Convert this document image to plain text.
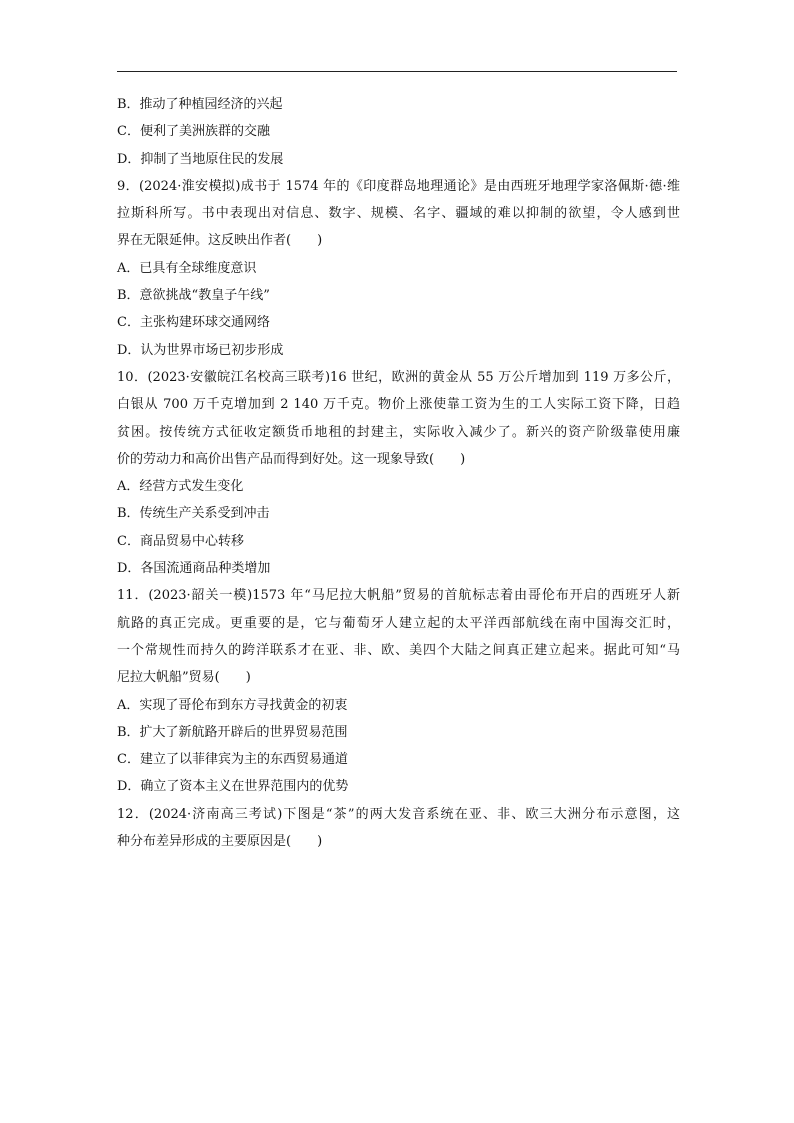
B．推动了种植园经济的兴起
C．便利了美洲族群的交融
D．抑制了当地原住民的发展
9．(2024·淮安模拟)成书于 1574 年的《印度群岛地理通论》是由西班牙地理学家洛佩斯·德·维
拉斯科所写。书中表现出对信息、数字、规模、名字、疆域的难以抑制的欲望，令人感到世
界在无限延伸。这反映出作者(　　)
A．已具有全球维度意识
B．意欲挑战“教皇子午线”
C．主张构建环球交通网络
D．认为世界市场已初步形成
10．(2023·安徽皖江名校高三联考)16 世纪，欧洲的黄金从 55 万公斤增加到 119 万多公斤，
白银从 700 万千克增加到 2 140 万千克。物价上涨使靠工资为生的工人实际工资下降，日趋
贫困。按传统方式征收定额货币地租的封建主，实际收入减少了。新兴的资产阶级靠使用廉
价的劳动力和高价出售产品而得到好处。这一现象导致(　　)
A．经营方式发生变化
B．传统生产关系受到冲击
C．商品贸易中心转移
D．各国流通商品种类增加
11．(2023·韶关一模)1573 年“马尼拉大帆船”贸易的首航标志着由哥伦布开启的西班牙人新
航路的真正完成。更重要的是，它与葡萄牙人建立起的太平洋西部航线在南中国海交汇时，
一个常规性而持久的跨洋联系才在亚、非、欧、美四个大陆之间真正建立起来。据此可知“马
尼拉大帆船”贸易(　　)
A．实现了哥伦布到东方寻找黄金的初衷
B．扩大了新航路开辟后的世界贸易范围
C．建立了以菲律宾为主的东西贸易通道
D．确立了资本主义在世界范围内的优势
12．(2024·济南高三考试)下图是“茶”的两大发音系统在亚、非、欧三大洲分布示意图，这
种分布差异形成的主要原因是(　　)
